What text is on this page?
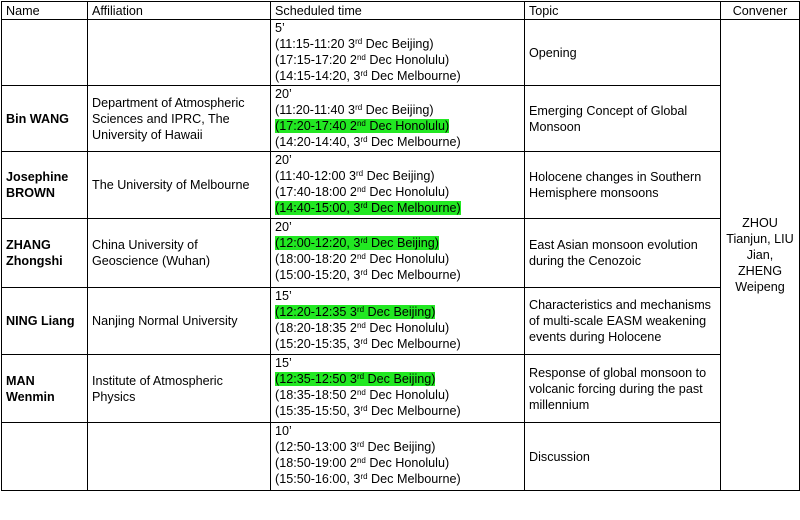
Name	Affiliation	Scheduled time	Topic	Convener

		5’
(11:15-11:20 3rd Dec Beijing)
(17:15-17:20 2nd Dec Honolulu)
(14:15-14:20, 3rd Dec Melbourne)	Opening	ZHOU Tianjun, LIU Jian, ZHENG Weipeng
Bin WANG	Department of Atmospheric Sciences and IPRC, The University of Hawaii	20’
(11:20-11:40 3rd Dec Beijing)
(17:20-17:40 2nd Dec Honolulu)
(14:20-14:40, 3rd Dec Melbourne)	Emerging Concept of Global Monsoon	
Josephine BROWN	The University of Melbourne	20’
(11:40-12:00 3rd Dec Beijing)
(17:40-18:00 2nd Dec Honolulu)
(14:40-15:00, 3rd Dec Melbourne)	Holocene changes in Southern Hemisphere monsoons	
ZHANG Zhongshi	China University of Geoscience (Wuhan)	20’
(12:00-12:20, 3rd Dec Beijing)
(18:00-18:20 2nd Dec Honolulu)
(15:00-15:20, 3rd Dec Melbourne)	East Asian monsoon evolution during the Cenozoic	
NING Liang	Nanjing Normal University	15’
(12:20-12:35 3rd Dec Beijing)
(18:20-18:35 2nd Dec Honolulu)
(15:20-15:35, 3rd Dec Melbourne)	Characteristics and mechanisms of multi-scale EASM weakening events during Holocene	
MAN Wenmin	Institute of Atmospheric Physics	15’
(12:35-12:50 3rd Dec Beijing)
(18:35-18:50 2nd Dec Honolulu)
(15:35-15:50, 3rd Dec Melbourne)	Response of global monsoon to volcanic forcing during the past millennium	

		10’
(12:50-13:00 3rd Dec Beijing)
(18:50-19:00 2nd Dec Honolulu)
(15:50-16:00, 3rd Dec Melbourne)	Discussion	
